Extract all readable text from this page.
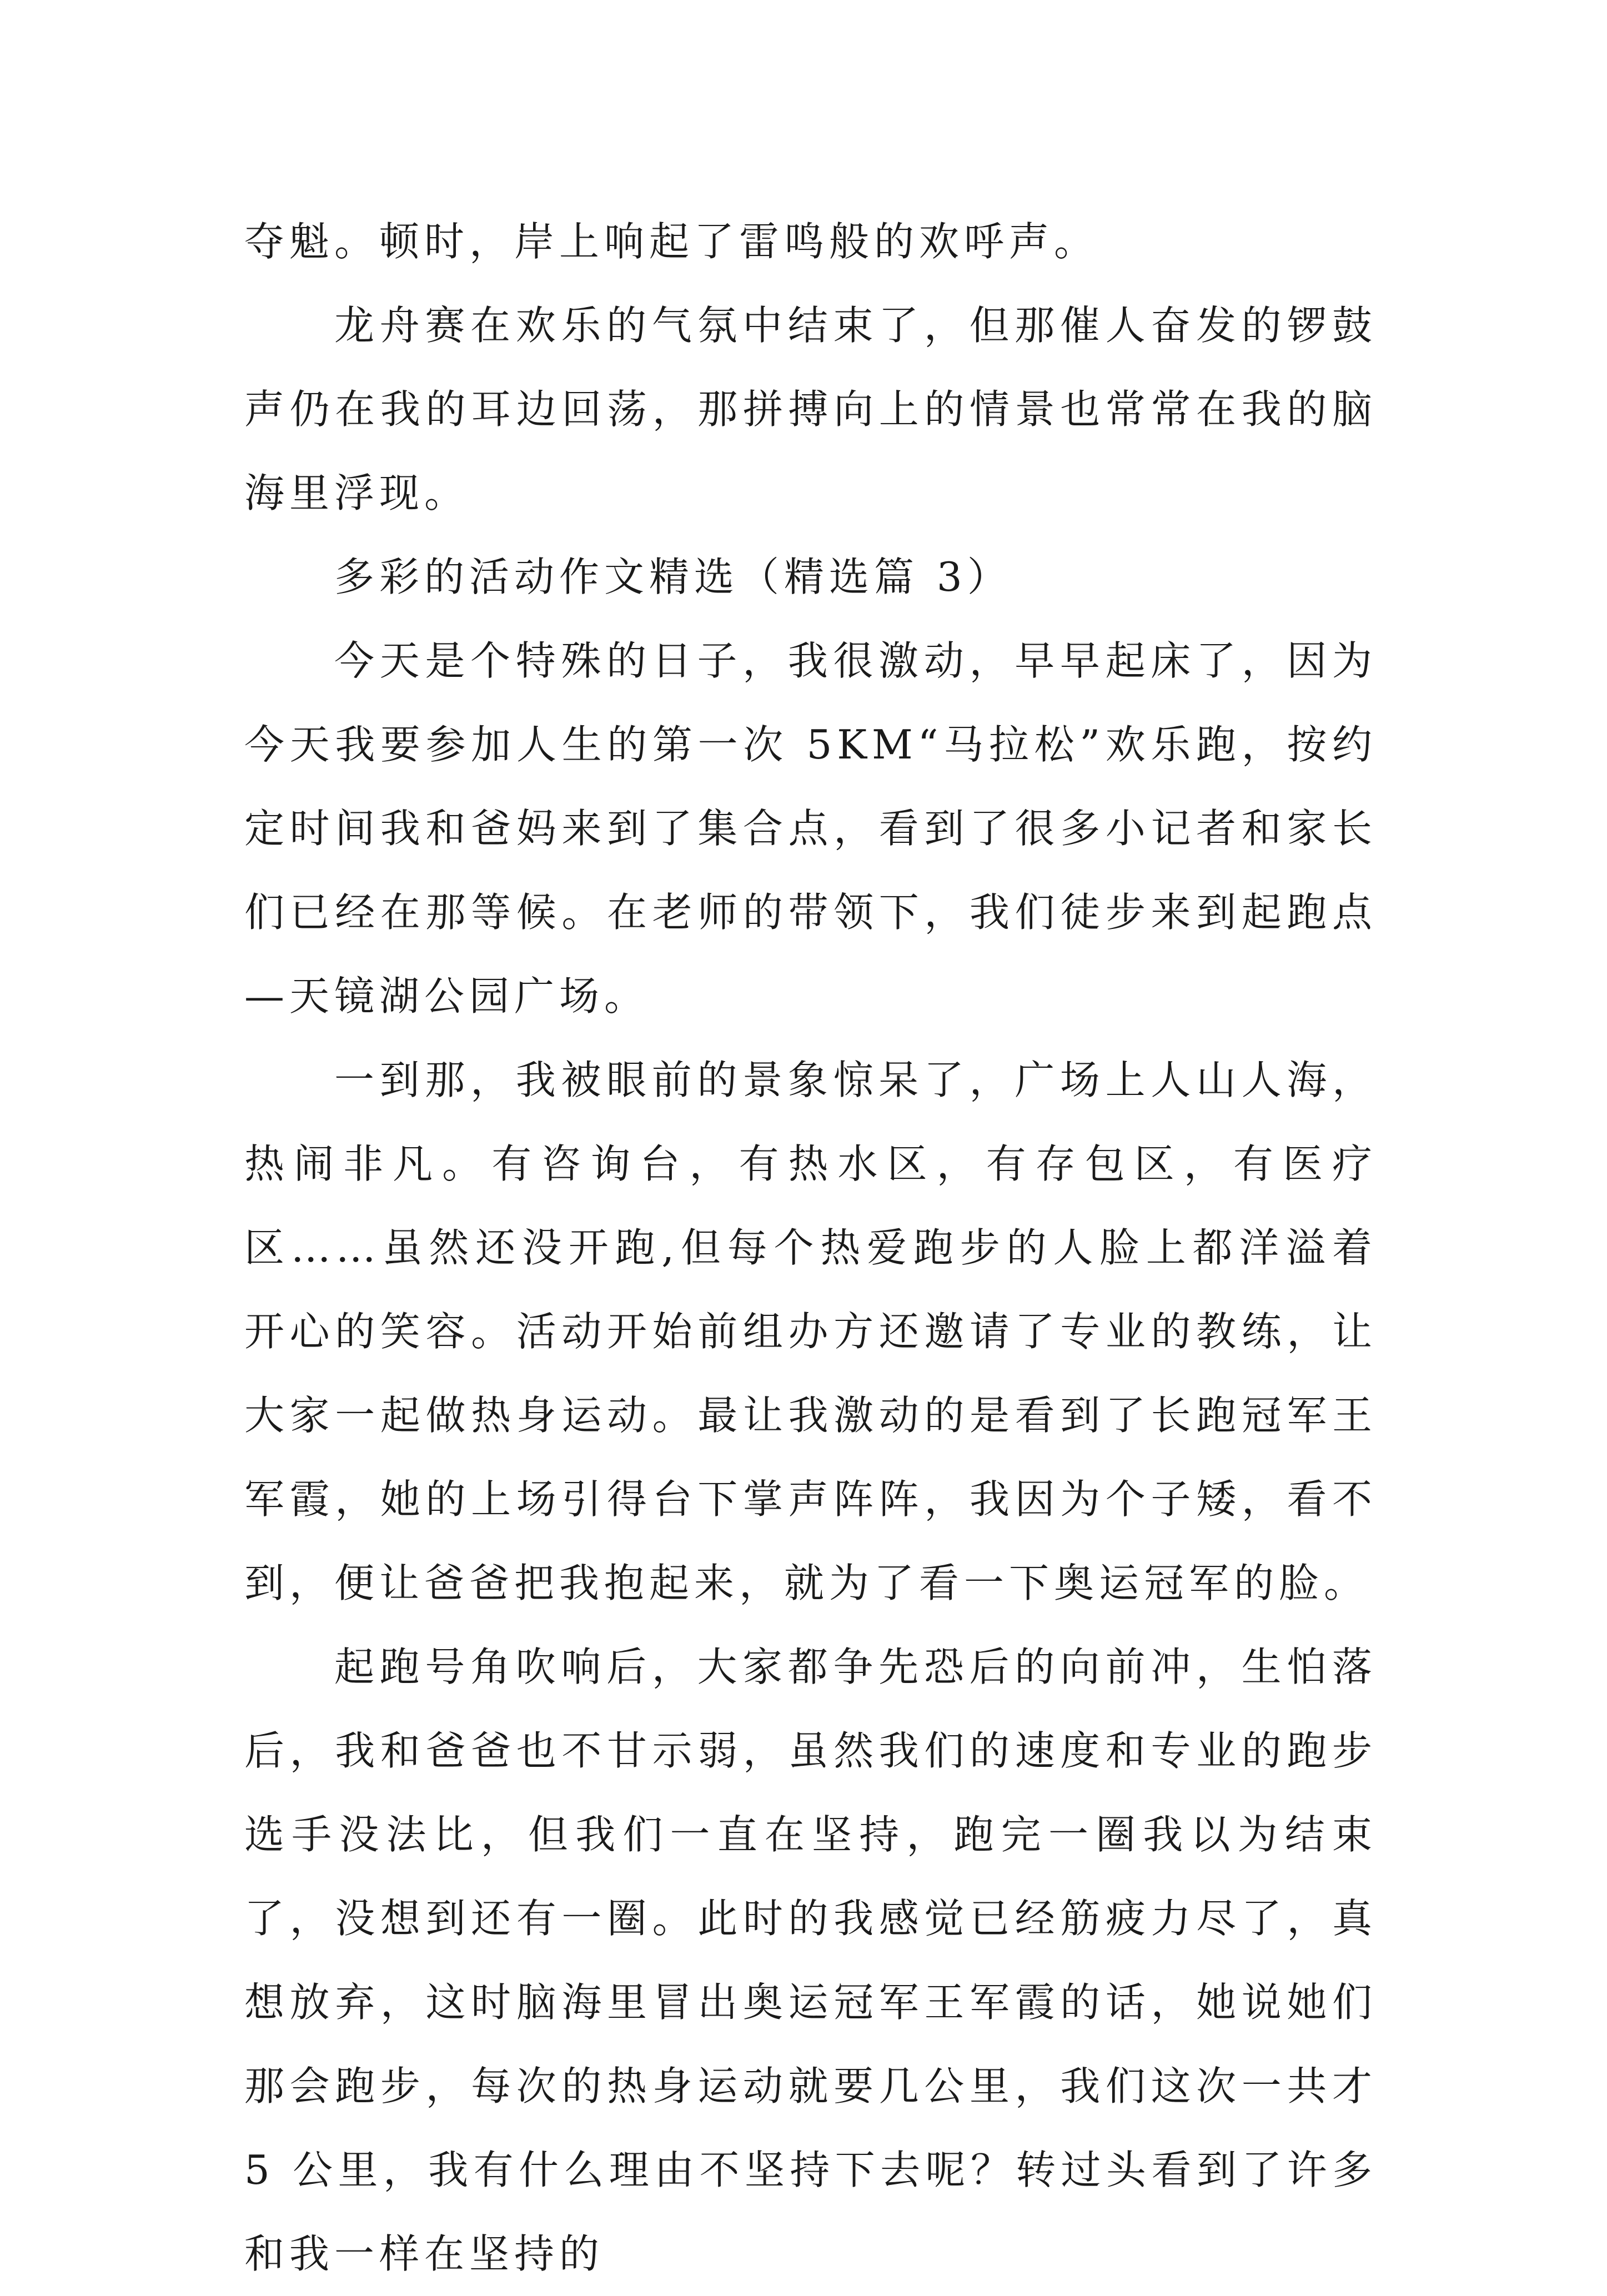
夺魁。顿时，岸上响起了雷鸣般的欢呼声。

龙舟赛在欢乐的气氛中结束了，但那催人奋发的锣鼓声仍在我的耳边回荡，那拼搏向上的情景也常常在我的脑海里浮现。

多彩的活动作文精选（精选篇 3）

今天是个特殊的日子，我很激动，早早起床了，因为今天我要参加人生的第一次 5KM“马拉松”欢乐跑，按约定时间我和爸妈来到了集合点，看到了很多小记者和家长们已经在那等候。在老师的带领下，我们徒步来到起跑点—天镜湖公园广场。

一到那，我被眼前的景象惊呆了，广场上人山人海，热闹非凡。有咨询台，有热水区，有存包区，有医疗区……虽然还没开跑,但每个热爱跑步的人脸上都洋溢着开心的笑容。活动开始前组办方还邀请了专业的教练，让大家一起做热身运动。最让我激动的是看到了长跑冠军王军霞，她的上场引得台下掌声阵阵，我因为个子矮，看不到，便让爸爸把我抱起来，就为了看一下奥运冠军的脸。

起跑号角吹响后，大家都争先恐后的向前冲，生怕落后，我和爸爸也不甘示弱，虽然我们的速度和专业的跑步选手没法比，但我们一直在坚持，跑完一圈我以为结束了，没想到还有一圈。此时的我感觉已经筋疲力尽了，真想放弃，这时脑海里冒出奥运冠军王军霞的话，她说她们那会跑步，每次的热身运动就要几公里，我们这次一共才 5 公里，我有什么理由不坚持下去呢？转过头看到了许多和我一样在坚持的
